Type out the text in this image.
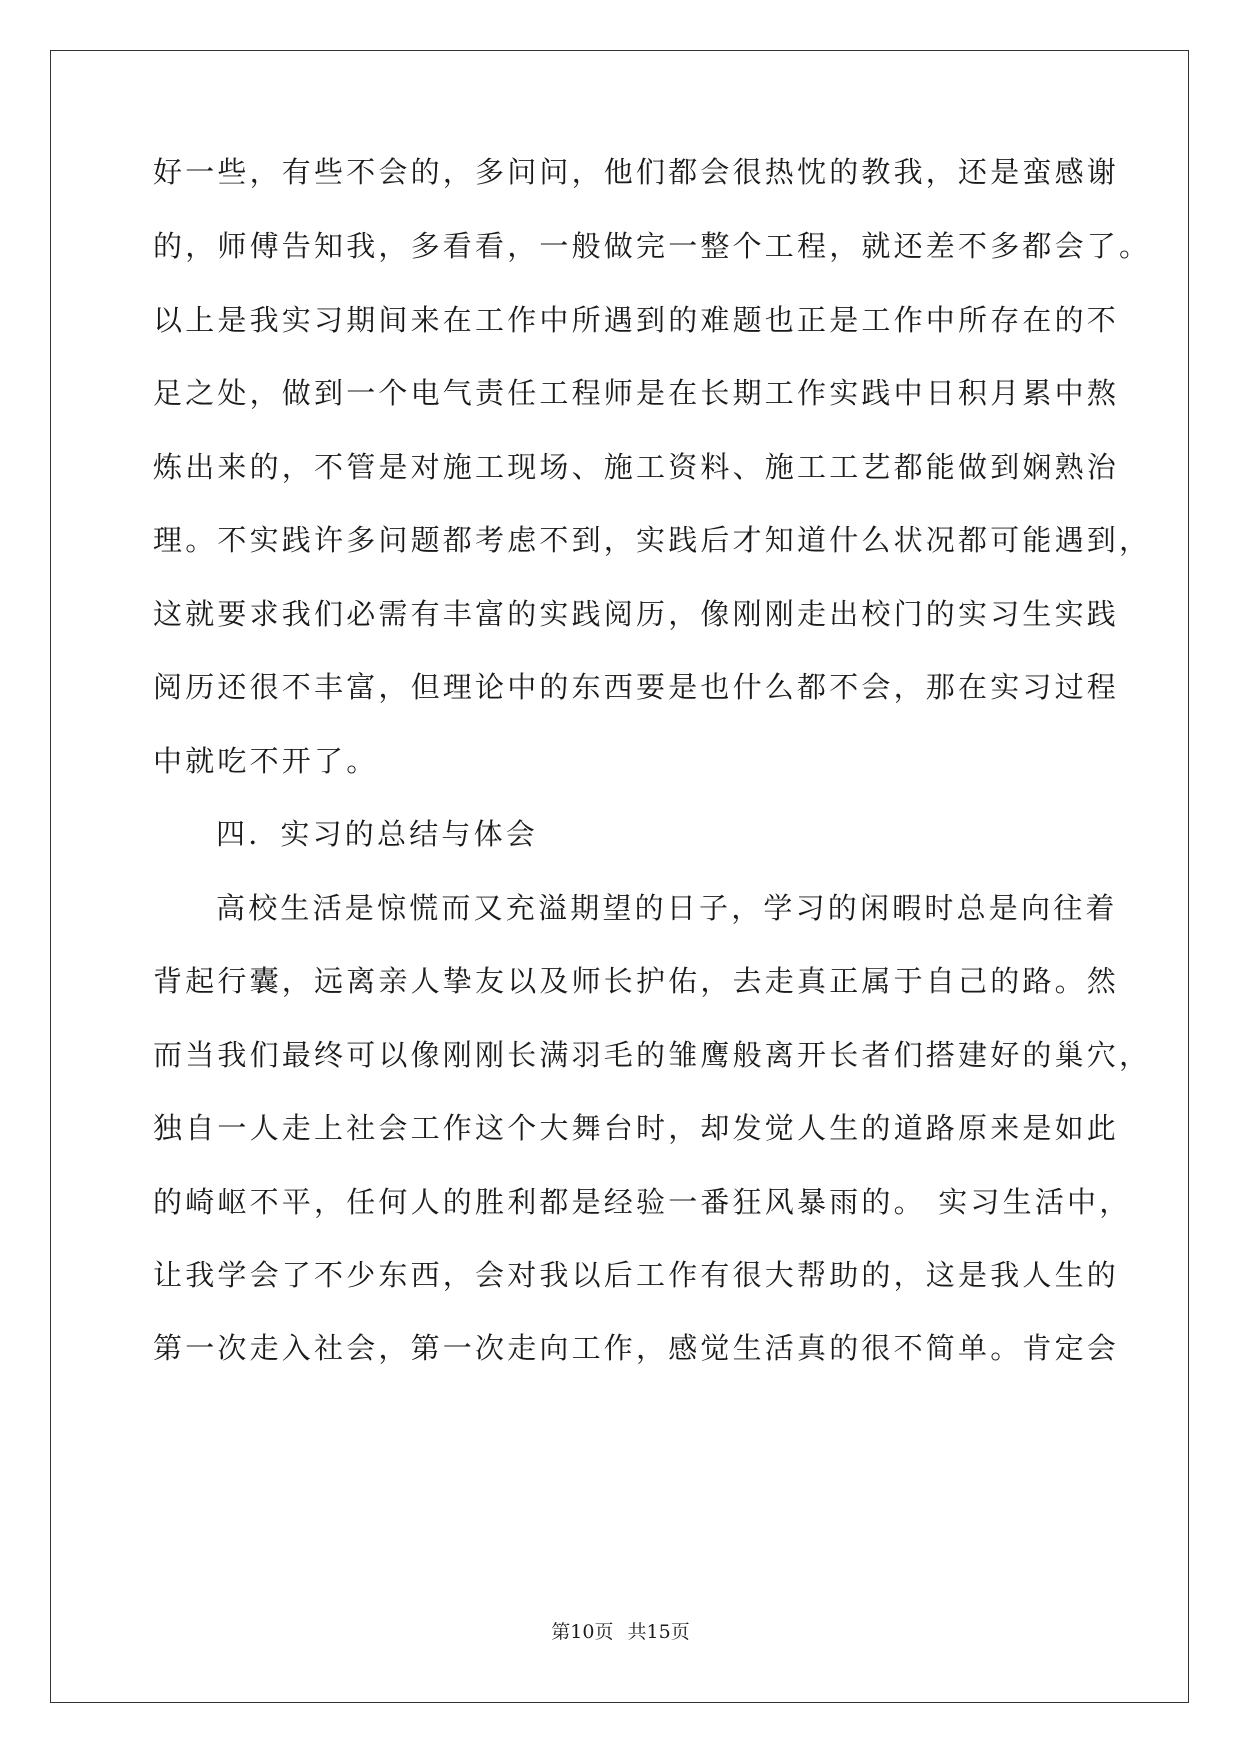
好一些，有些不会的，多问问，他们都会很热忱的教我，还是蛮感谢

的，师傅告知我，多看看，一般做完一整个工程，就还差不多都会了。

以上是我实习期间来在工作中所遇到的难题也正是工作中所存在的不

足之处，做到一个电气责任工程师是在长期工作实践中日积月累中熬

炼出来的，不管是对施工现场、施工资料、施工工艺都能做到娴熟治

理。不实践许多问题都考虑不到，实践后才知道什么状况都可能遇到，

这就要求我们必需有丰富的实践阅历，像刚刚走出校门的实习生实践

阅历还很不丰富，但理论中的东西要是也什么都不会，那在实习过程

中就吃不开了。

四．实习的总结与体会

高校生活是惊慌而又充溢期望的日子，学习的闲暇时总是向往着

背起行囊，远离亲人挚友以及师长护佑，去走真正属于自己的路。然

而当我们最终可以像刚刚长满羽毛的雏鹰般离开长者们搭建好的巢穴，

独自一人走上社会工作这个大舞台时，却发觉人生的道路原来是如此

的崎岖不平，任何人的胜利都是经验一番狂风暴雨的。 实习生活中，

让我学会了不少东西，会对我以后工作有很大帮助的，这是我人生的

第一次走入社会，第一次走向工作，感觉生活真的很不简单。肯定会

第10页 共15页
